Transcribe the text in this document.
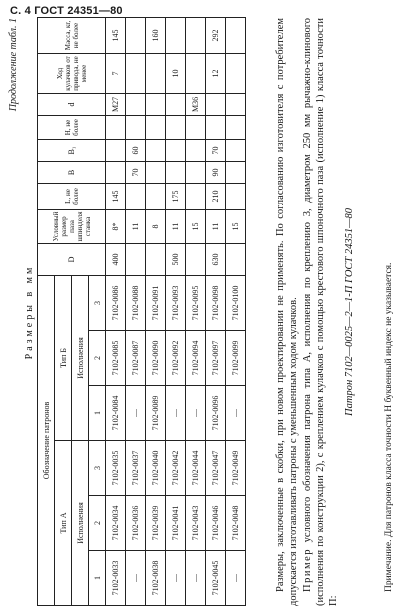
С. 4 ГОСТ 24351—80
Продолжение табл. 1
Размеры в мм
Обозначение патронов						D	Условный размер паза шпинделя станка	L, не более	B	B₁	H, не более	d	Ход кулачков от привода, не менее	Масса, кг, не более
Тип А			Тип Б											
Исполнения			Исполнения											
1	2	3	1	2	3									
7102-0033	7102-0034	7102-0035	7102-0084	7102-0085	7102-0086	400	8*	145				M27	7	145
—	7102-0036	7102-0037	—	7102-0087	7102-0088		11		70	60				
7102-0038	7102-0039	7102-0040	7102-0089	7102-0090	7102-0091		8							160
—	7102-0041	7102-0042	—	7102-0092	7102-0093	500	11	175					10	
—	7102-0043	7102-0044	—	7102-0094	7102-0095		15					M36		
7102-0045	7102-0046	7102-0047	7102-0096	7102-0097	7102-0098	630	11	210	90	70			12	292
—	7102-0048	7102-0049	—	7102-0099	7102-0100		15								Размеры, заключенные в скобки, при новом проектировании не применять. По согласованию изготовителя с потребителем допускается изготавливать патроны с уменьшенным ходом кулачков. Пример условного обозначения патрона типа А, исполнения по креплению 3, диаметром 250 мм рычажно-клинового (исполнения по конструкции 2), с креплением кулачков с помощью крестового шпоночного паза (исполнение 1) класса точности П:

Патрон 7102—0025—2—1-П ГОСТ 24351—80	Примечание. Для патронов класса точности Н буквенный индекс не указывается.
